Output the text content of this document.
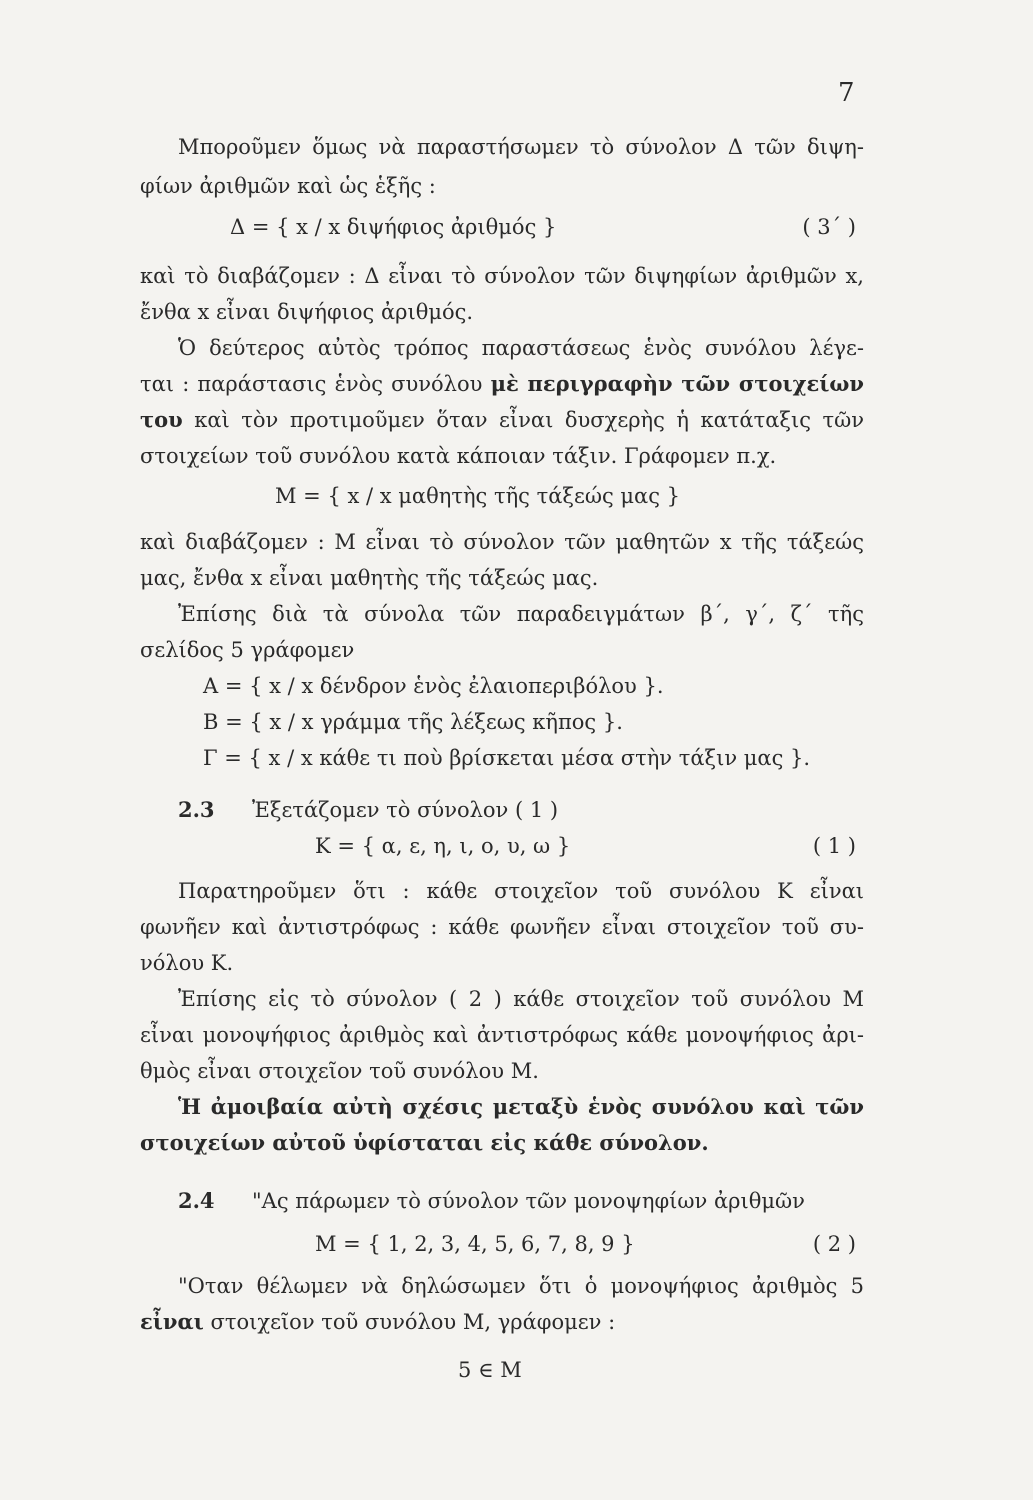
7
Μποροῦμεν ὅμως νὰ παραστήσωμεν τὸ σύνολον Δ τῶν διψη-
φίων ἀριθμῶν καὶ ὡς ἑξῆς :
Δ = { x / x διψήφιος ἀριθμός }	( 3΄ )
καὶ τὸ διαβάζομεν : Δ εἶναι τὸ σύνολον τῶν διψηφίων ἀριθμῶν x,
ἔνθα x εἶναι διψήφιος ἀριθμός.
Ὁ δεύτερος αὐτὸς τρόπος παραστάσεως ἑνὸς συνόλου λέγε-
ται : παράστασις ἑνὸς συνόλου μὲ περιγραφὴν τῶν στοιχείων
του καὶ τὸν προτιμοῦμεν ὅταν εἶναι δυσχερὴς ἡ κατάταξις τῶν
στοιχείων τοῦ συνόλου κατὰ κάποιαν τάξιν. Γράφομεν π.χ.
Μ = { x / x μαθητὴς τῆς τάξεώς μας }
καὶ διαβάζομεν : Μ εἶναι τὸ σύνολον τῶν μαθητῶν x τῆς τάξεώς
μας, ἔνθα x εἶναι μαθητὴς τῆς τάξεώς μας.
Ἐπίσης διὰ τὰ σύνολα τῶν παραδειγμάτων β΄, γ΄, ζ΄ τῆς
σελίδος 5 γράφομεν
Α = { x / x δένδρον ἑνὸς ἐλαιοπεριβόλου }.
Β = { x / x γράμμα τῆς λέξεως κῆπος }.
Γ = { x / x κάθε τι ποὺ βρίσκεται μέσα στὴν τάξιν μας }.
2.3 Ἐξετάζομεν τὸ σύνολον ( 1 )
Κ = { α, ε, η, ι, ο, υ, ω }	( 1 )
Παρατηροῦμεν ὅτι : κάθε στοιχεῖον τοῦ συνόλου Κ εἶναι
φωνῆεν καὶ ἀντιστρόφως : κάθε φωνῆεν εἶναι στοιχεῖον τοῦ συ-
νόλου Κ.
Ἐπίσης εἰς τὸ σύνολον ( 2 ) κάθε στοιχεῖον τοῦ συνόλου Μ
εἶναι μονοψήφιος ἀριθμὸς καὶ ἀντιστρόφως κάθε μονοψήφιος ἀρι-
θμὸς εἶναι στοιχεῖον τοῦ συνόλου Μ.
Ἡ ἀμοιβαία αὐτὴ σχέσις μεταξὺ ἑνὸς συνόλου καὶ τῶν
στοιχείων αὐτοῦ ὑφίσταται εἰς κάθε σύνολον.
2.4 "Ας πάρωμεν τὸ σύνολον τῶν μονοψηφίων ἀριθμῶν
Μ = { 1, 2, 3, 4, 5, 6, 7, 8, 9 }	( 2 )
"Οταν θέλωμεν νὰ δηλώσωμεν ὅτι ὁ μονοψήφιος ἀριθμὸς 5
εἶναι στοιχεῖον τοῦ συνόλου Μ, γράφομεν :
5 ∈ Μ
